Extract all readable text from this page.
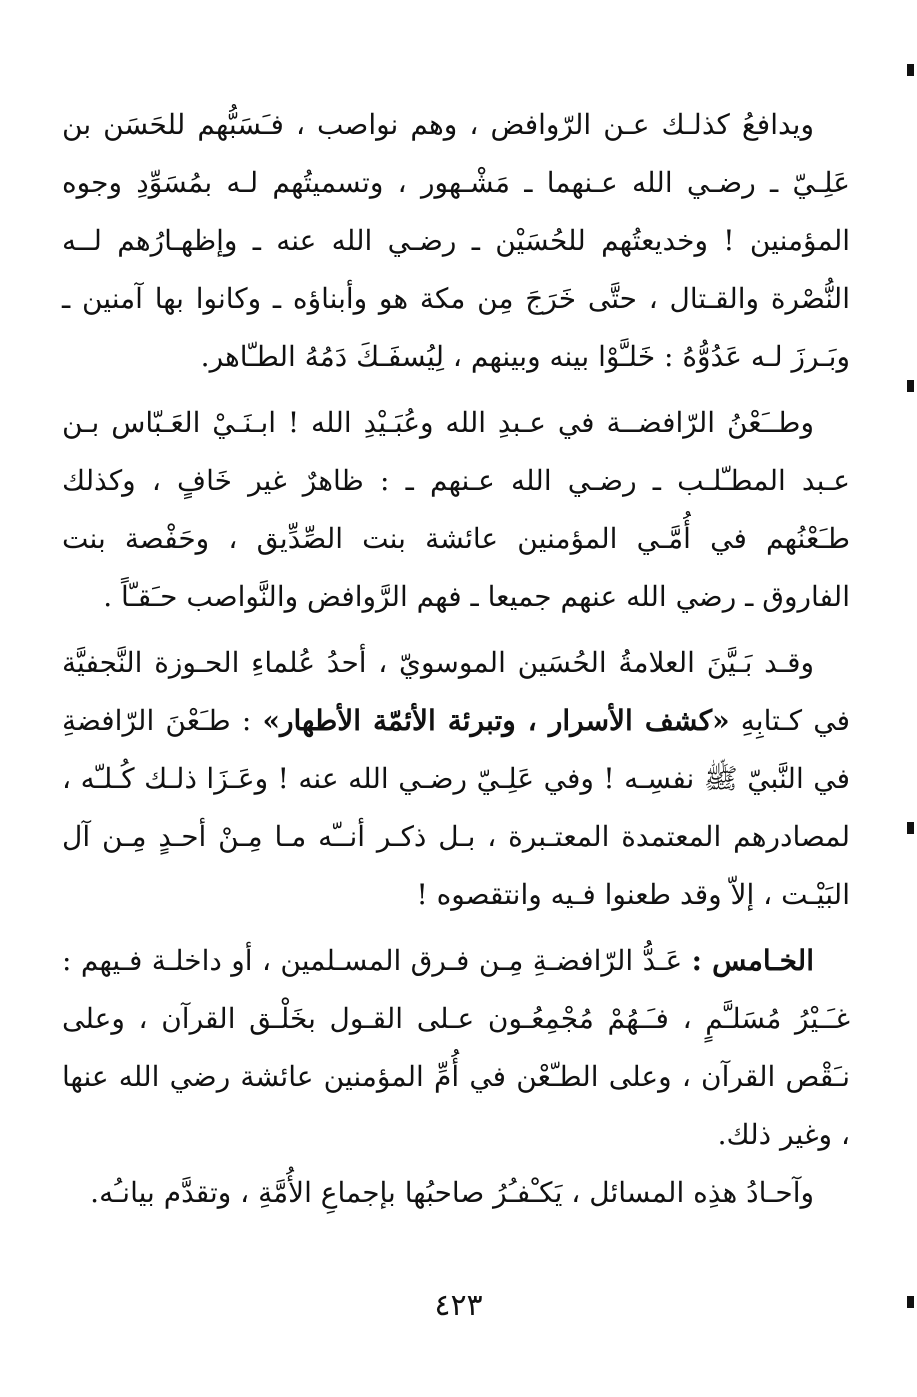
ويدافعُ كذلـك عـن الرّوافض ، وهم نواصب ، فـَسَبُّهم للحَسَن بن عَلِـيّ ـ رضـي الله عـنهما ـ مَشْـهور ، وتسميتُهم لـه بمُسَوِّدِ وجوه المؤمنين ! وخديعتُهم للحُسَيْن ـ رضـي الله عنه ـ وإظهـارُهم لــه النُّصْرة والقـتال ، حتَّى خَرَجَ مِن مكة هو وأبناؤه ـ وكانوا بها آمنين ـ وبَـرزَ لـه عَدُوُّهُ : خَلـَّوْا بينه وبينهم ، لِيُسفَـكَ دَمُهُ الطـّاهر.

وطــَعْنُ الرّافضــة في عـبدِ الله وعُبَـيْدِ الله ! ابـنَـيْ العَـبّاس بـن عـبد المطـّلـب ـ رضـي الله عـنهم ـ : ظاهرٌ غير خَافٍ ، وكذلك طـَعْنُهم في أُمَّـي المؤمنين عائشة بنت الصِّدِّيق ، وحَفْصة بنت الفاروق ـ رضي الله عنهم جميعا ـ فهم الرَّوافض والنَّواصب حـَقـّاً .

وقـد بَـيَّنَ العلامةُ الحُسَين الموسويّ ، أحدُ عُلماءِ الحـوزة النَّجفيَّة في كـتابِهِ «كشف الأسرار ، وتبرئة الأئمّة الأطهار» : طـَعْنَ الرّافضةِ في النَّبيّ ﷺ نفسِـه ! وفي عَلِـيّ رضـي الله عنه ! وعَـزَا ذلـك كُـلـّه ، لمصادرهم المعتمدة المعتـبرة ، بـل ذكـر أنــّه مـا مِـنْ أحـدٍ مِـن آل البَيْـت ، إلاّ وقد طعنوا فـيه وانتقصوه !

الخـامس : عَـدُّ الرّافضـةِ مِـن فـرق المسـلمين ، أو داخلـة فـيهم : غـَـيْرُ مُسَلـَّمٍ ، فـَـهُمْ مُجْمِعُـون عـلى القـول بخَلْـق القرآن ، وعلى نـَقْص القرآن ، وعلى الطـّعْن في أُمِّ المؤمنين عائشة رضي الله عنها ، وغير ذلك.

وآحـادُ هذِه المسائل ، يَكـْفـُرُ صاحبُها بإجماعِ الأُمَّةِ ، وتقدَّم بيانـُه.

٤٢٣
